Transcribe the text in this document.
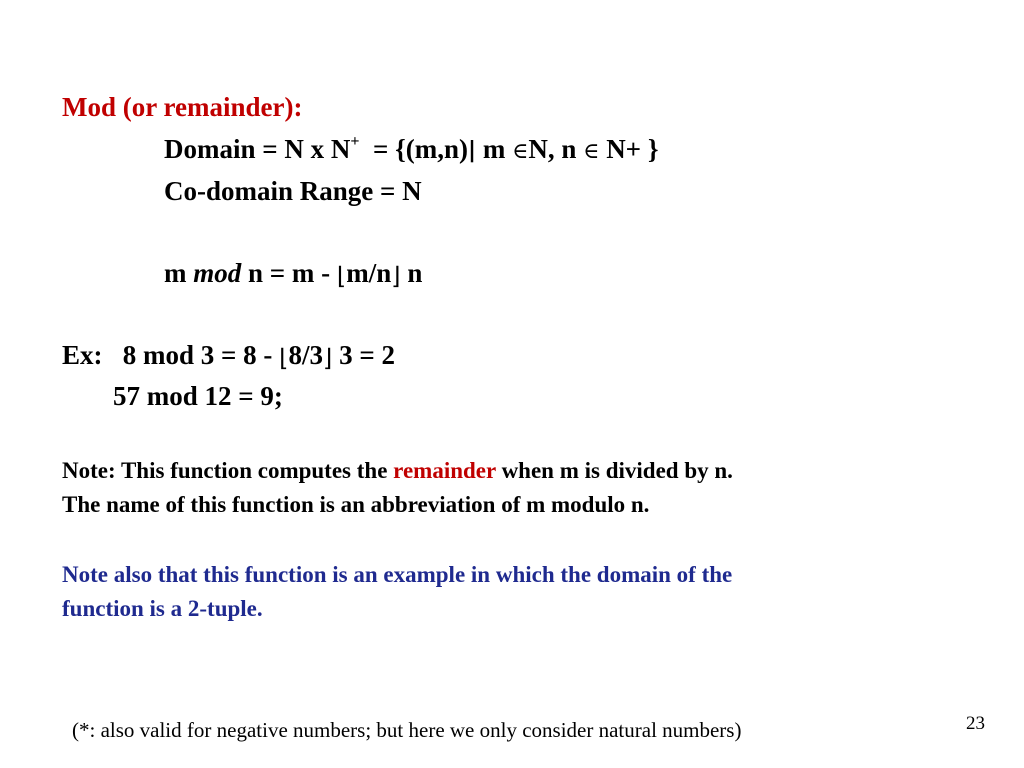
Mod (or remainder):
Domain = N x N+  = {(m,n)| m ∈N, n ∈ N+ }
Co-domain Range = N
m mod n = m - ⌊m/n⌋ n
Ex: 8 mod 3 = 8 - ⌊8/3⌋ 3 = 2
57 mod 12 = 9;
Note: This function computes the remainder when m is divided by n.
The name of this function is an abbreviation of m modulo n.
Note also that this function is an example in which the domain of the
function is a 2-tuple.
(*: also valid for negative numbers; but here we only consider natural numbers)	23
